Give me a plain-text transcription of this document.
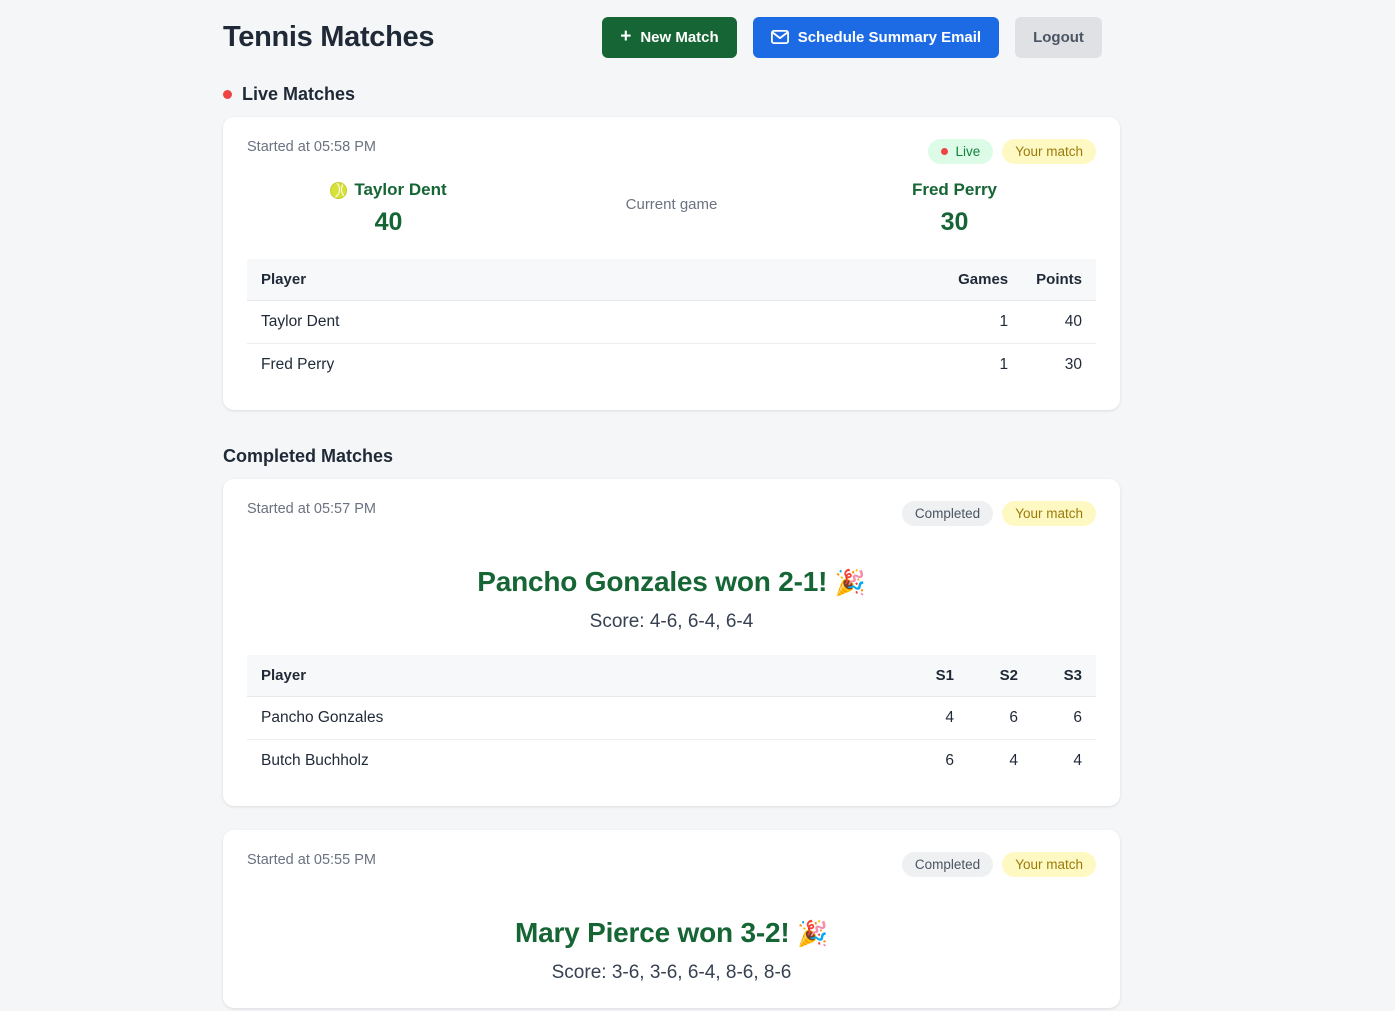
Tennis Matches	+ New Match	Schedule Summary Email	Logout
Live Matches
Started at 05:58 PM	Live	Your match
Taylor Dent
40
Current game
Fred Perry
30
Player	Games	Points
Taylor Dent	1	40
Fred Perry	1	30
Completed Matches
Started at 05:57 PM	Completed	Your match
Pancho Gonzales won 2-1! 🎉
Score: 4-6, 6-4, 6-4
Player	S1	S2	S3
Pancho Gonzales	4	6	6
Butch Buchholz	6	4	4
Started at 05:55 PM	Completed	Your match
Mary Pierce won 3-2! 🎉
Score: 3-6, 3-6, 6-4, 8-6, 8-6
